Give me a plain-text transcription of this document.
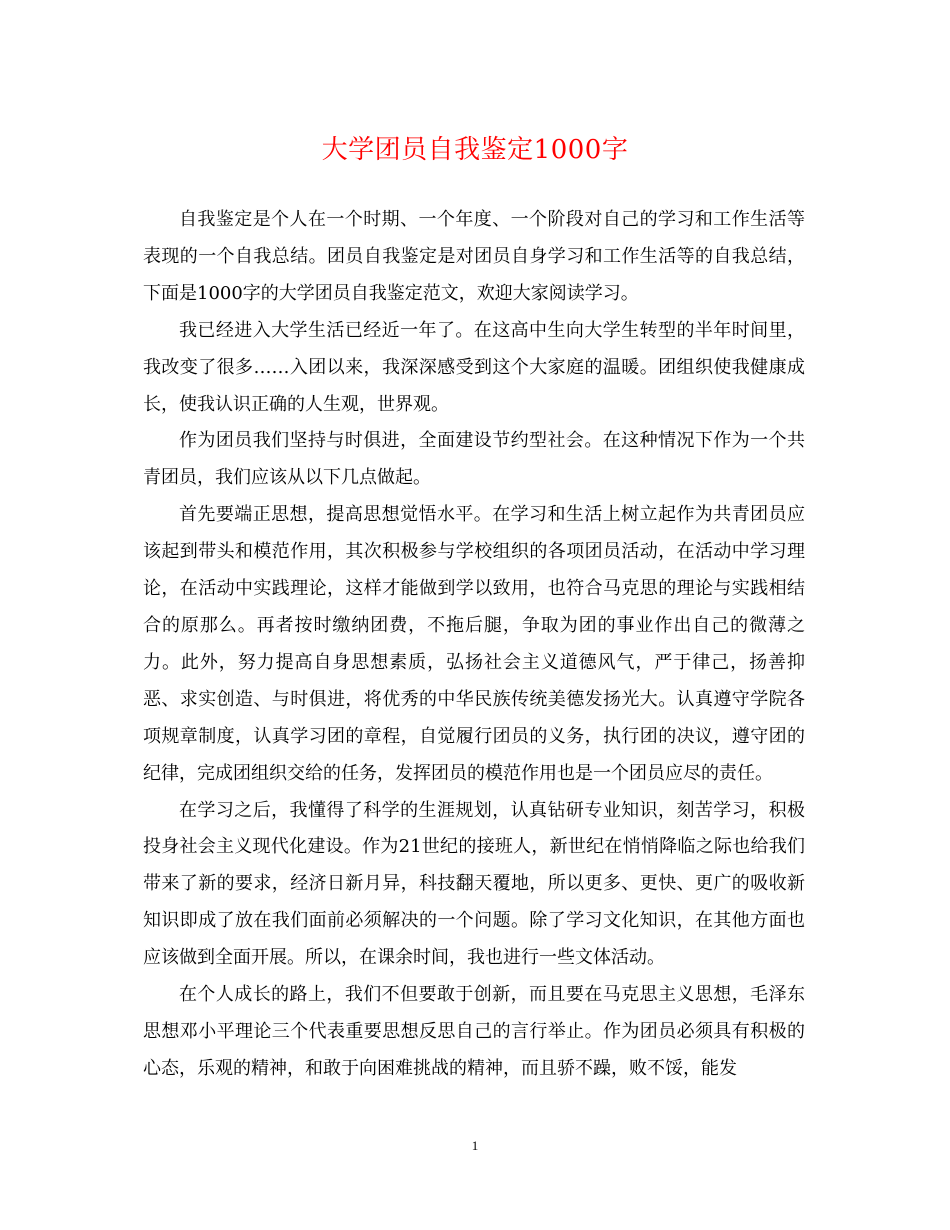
大学团员自我鉴定1000字

自我鉴定是个人在一个时期、一个年度、一个阶段对自己的学习和工作生活等表现的一个自我总结。团员自我鉴定是对团员自身学习和工作生活等的自我总结，下面是1000字的大学团员自我鉴定范文，欢迎大家阅读学习。

我已经进入大学生活已经近一年了。在这高中生向大学生转型的半年时间里，我改变了很多……入团以来，我深深感受到这个大家庭的温暖。团组织使我健康成长，使我认识正确的人生观，世界观。

作为团员我们坚持与时俱进，全面建设节约型社会。在这种情况下作为一个共青团员，我们应该从以下几点做起。

首先要端正思想，提高思想觉悟水平。在学习和生活上树立起作为共青团员应该起到带头和模范作用，其次积极参与学校组织的各项团员活动，在活动中学习理论，在活动中实践理论，这样才能做到学以致用，也符合马克思的理论与实践相结合的原那么。再者按时缴纳团费，不拖后腿，争取为团的事业作出自己的微薄之力。此外，努力提高自身思想素质，弘扬社会主义道德风气，严于律己，扬善抑恶、求实创造、与时俱进，将优秀的中华民族传统美德发扬光大。认真遵守学院各项规章制度，认真学习团的章程，自觉履行团员的义务，执行团的决议，遵守团的纪律，完成团组织交给的任务，发挥团员的模范作用也是一个团员应尽的责任。

在学习之后，我懂得了科学的生涯规划，认真钻研专业知识，刻苦学习，积极投身社会主义现代化建设。作为21世纪的接班人，新世纪在悄悄降临之际也给我们带来了新的要求，经济日新月异，科技翻天覆地，所以更多、更快、更广的吸收新知识即成了放在我们面前必须解决的一个问题。除了学习文化知识，在其他方面也应该做到全面开展。所以，在课余时间，我也进行一些文体活动。

在个人成长的路上，我们不但要敢于创新，而且要在马克思主义思想，毛泽东思想邓小平理论三个代表重要思想反思自己的言行举止。作为团员必须具有积极的心态，乐观的精神，和敢于向困难挑战的精神，而且骄不躁，败不馁，能发

1
